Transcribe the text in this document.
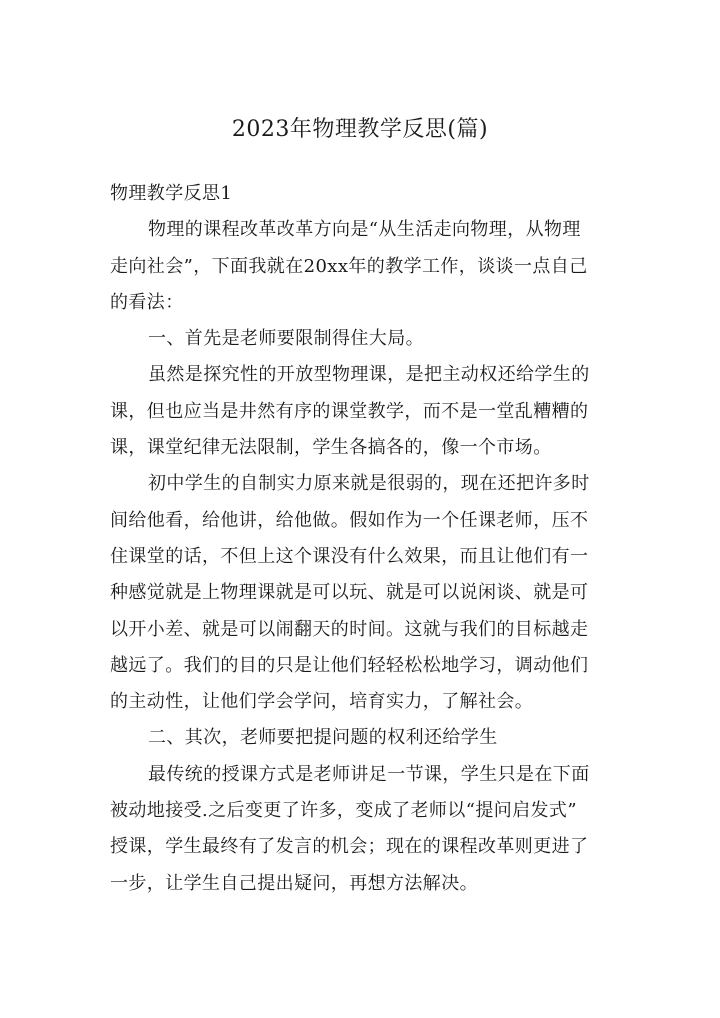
2023年物理教学反思(篇)
物理教学反思1
物理的课程改革改革方向是“从生活走向物理，从物理
走向社会”，下面我就在20xx年的教学工作，谈谈一点自己
的看法：
一、首先是老师要限制得住大局。
虽然是探究性的开放型物理课，是把主动权还给学生的
课，但也应当是井然有序的课堂教学，而不是一堂乱糟糟的
课，课堂纪律无法限制，学生各搞各的，像一个市场。
初中学生的自制实力原来就是很弱的，现在还把许多时
间给他看，给他讲，给他做。假如作为一个任课老师，压不
住课堂的话，不但上这个课没有什么效果，而且让他们有一
种感觉就是上物理课就是可以玩、就是可以说闲谈、就是可
以开小差、就是可以闹翻天的时间。这就与我们的目标越走
越远了。我们的目的只是让他们轻轻松松地学习，调动他们
的主动性，让他们学会学问，培育实力，了解社会。
二、其次，老师要把提问题的权利还给学生
最传统的授课方式是老师讲足一节课，学生只是在下面
被动地接受.之后变更了许多，变成了老师以“提问启发式”
授课，学生最终有了发言的机会；现在的课程改革则更进了
一步，让学生自己提出疑问，再想方法解决。
